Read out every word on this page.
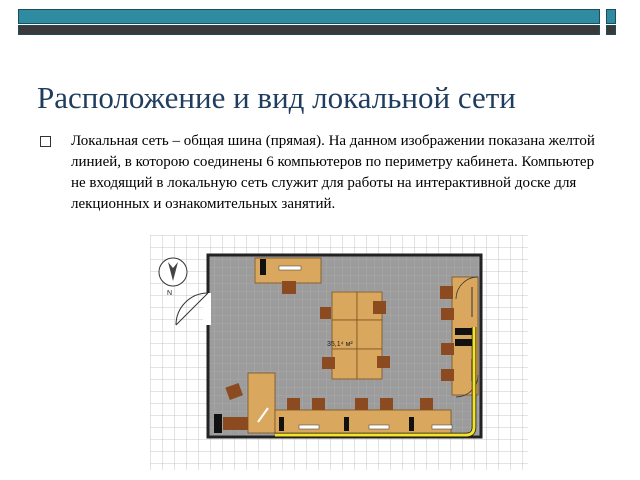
Расположение и вид локальной сети

Локальная сеть – общая шина (прямая). На данном изображении показана желтой линией, в которою соединены 6 компьютеров по периметру кабинета. Компьютер не входящий в локальную сеть служит для работы на интерактивной доске для лекционных и ознакомительных занятий.

N
35,1⁴ м²
